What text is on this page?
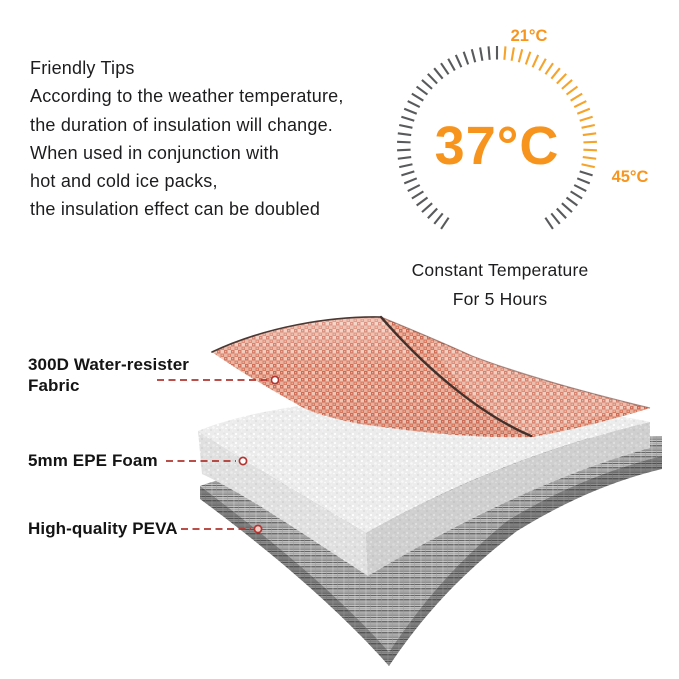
Friendly Tips
According to the weather temperature,
the duration of insulation will change.
When used in conjunction with
hot and cold ice packs,
the insulation effect can be doubled
21°C
45°C
37°C
Constant Temperature
For 5 Hours
300D Water-resister
Fabric
5mm EPE Foam
High-quality PEVA
